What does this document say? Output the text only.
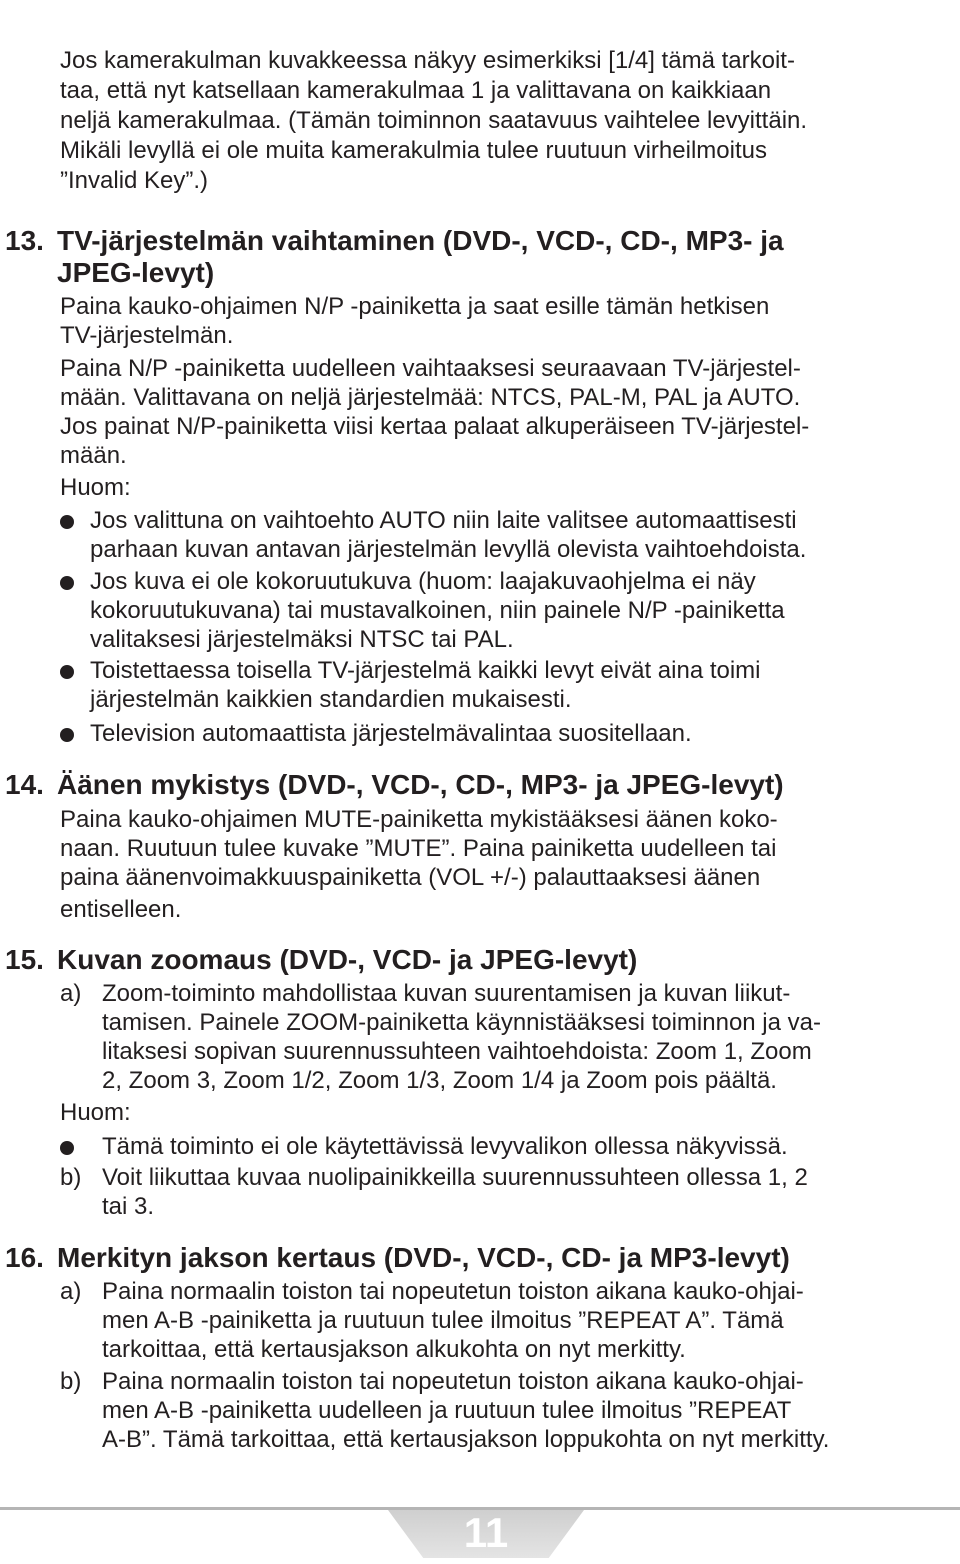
Jos kamerakulman kuvakkeessa näkyy esimerkiksi [1/4] tämä tarkoit-
taa, että nyt katsellaan kamerakulmaa 1 ja valittavana on kaikkiaan
neljä kamerakulmaa. (Tämän toiminnon saatavuus vaihtelee levyittäin.
Mikäli levyllä ei ole muita kamerakulmia tulee ruutuun virheilmoitus
”Invalid Key”.)
13. TV-järjestelmän vaihtaminen (DVD-, VCD-, CD-, MP3- ja
JPEG-levyt)
Paina kauko-ohjaimen N/P -painiketta ja saat esille tämän hetkisen
TV-järjestelmän.
Paina N/P -painiketta uudelleen vaihtaaksesi seuraavaan TV-järjestel-
mään. Valittavana on neljä järjestelmää: NTCS, PAL-M, PAL ja AUTO.
Jos painat N/P-painiketta viisi kertaa palaat alkuperäiseen TV-järjestel-
mään.
Huom:
Jos valittuna on vaihtoehto AUTO niin laite valitsee automaattisesti
parhaan kuvan antavan järjestelmän levyllä olevista vaihtoehdoista.
Jos kuva ei ole kokoruutukuva (huom: laajakuvaohjelma ei näy
kokoruutukuvana) tai mustavalkoinen, niin painele N/P -painiketta
valitaksesi järjestelmäksi NTSC tai PAL.
Toistettaessa toisella TV-järjestelmä kaikki levyt eivät aina toimi
järjestelmän kaikkien standardien mukaisesti.
Television automaattista järjestelmävalintaa suositellaan.
14. Äänen mykistys (DVD-, VCD-, CD-, MP3- ja JPEG-levyt)
Paina kauko-ohjaimen MUTE-painiketta mykistääksesi äänen koko-
naan. Ruutuun tulee kuvake ”MUTE”. Paina painiketta uudelleen tai
paina äänenvoimakkuuspainiketta (VOL +/-) palauttaaksesi äänen
entiselleen.
15. Kuvan zoomaus (DVD-, VCD- ja JPEG-levyt)
a) Zoom-toiminto mahdollistaa kuvan suurentamisen ja kuvan liikut-
tamisen. Painele ZOOM-painiketta käynnistääksesi toiminnon ja va-
litaksesi sopivan suurennussuhteen vaihtoehdoista: Zoom 1, Zoom
2, Zoom 3, Zoom 1/2, Zoom 1/3, Zoom 1/4 ja Zoom pois päältä.
Huom:
Tämä toiminto ei ole käytettävissä levyvalikon ollessa näkyvissä.
b) Voit liikuttaa kuvaa nuolipainikkeilla suurennussuhteen ollessa 1, 2
tai 3.
16. Merkityn jakson kertaus (DVD-, VCD-, CD- ja MP3-levyt)
a) Paina normaalin toiston tai nopeutetun toiston aikana kauko-ohjai-
men A-B -painiketta ja ruutuun tulee ilmoitus ”REPEAT A”. Tämä
tarkoittaa, että kertausjakson alkukohta on nyt merkitty.
b) Paina normaalin toiston tai nopeutetun toiston aikana kauko-ohjai-
men A-B -painiketta uudelleen ja ruutuun tulee ilmoitus ”REPEAT
A-B”. Tämä tarkoittaa, että kertausjakson loppukohta on nyt merkitty.
11
